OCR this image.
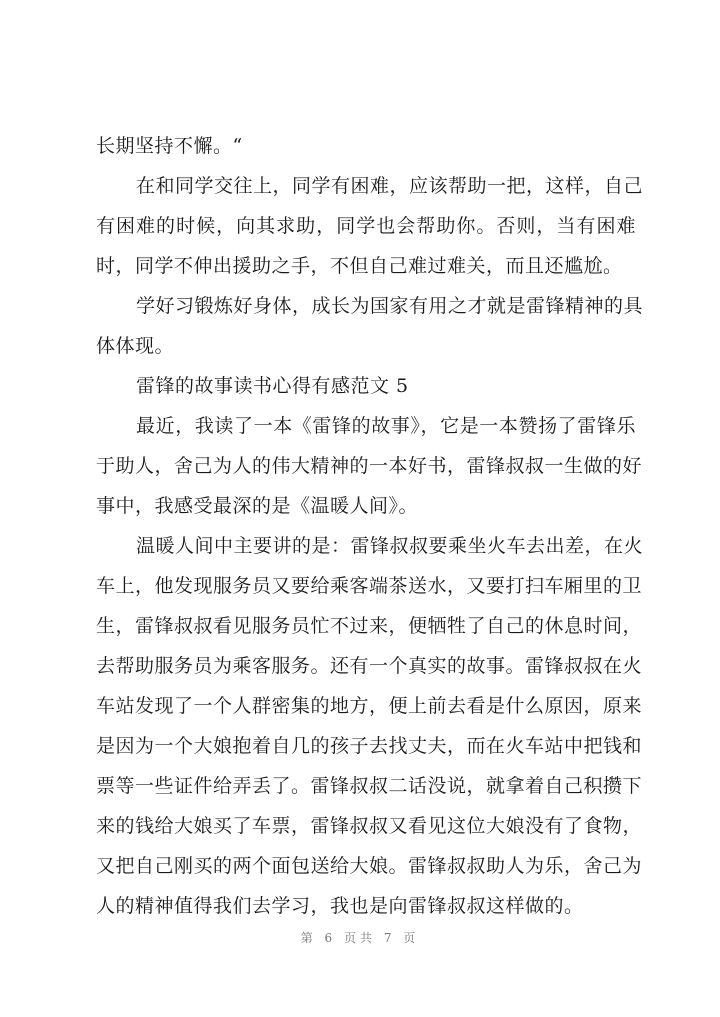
长期坚持不懈。“
在和同学交往上，同学有困难，应该帮助一把，这样，自己
有困难的时候，向其求助，同学也会帮助你。否则，当有困难
时，同学不伸出援助之手，不但自己难过难关，而且还尴尬。
学好习锻炼好身体，成长为国家有用之才就是雷锋精神的具
体体现。
雷锋的故事读书心得有感范文 5
最近，我读了一本《雷锋的故事》，它是一本赞扬了雷锋乐
于助人，舍己为人的伟大精神的一本好书，雷锋叔叔一生做的好
事中，我感受最深的是《温暖人间》。
温暖人间中主要讲的是：雷锋叔叔要乘坐火车去出差，在火
车上，他发现服务员又要给乘客端茶送水，又要打扫车厢里的卫
生，雷锋叔叔看见服务员忙不过来，便牺牲了自己的休息时间，
去帮助服务员为乘客服务。还有一个真实的故事。雷锋叔叔在火
车站发现了一个人群密集的地方，便上前去看是什么原因，原来
是因为一个大娘抱着自几的孩子去找丈夫，而在火车站中把钱和
票等一些证件给弄丢了。雷锋叔叔二话没说，就拿着自己积攒下
来的钱给大娘买了车票，雷锋叔叔又看见这位大娘没有了食物，
又把自己刚买的两个面包送给大娘。雷锋叔叔助人为乐，舍己为
人的精神值得我们去学习，我也是向雷锋叔叔这样做的。
第 6 页共 7 页
